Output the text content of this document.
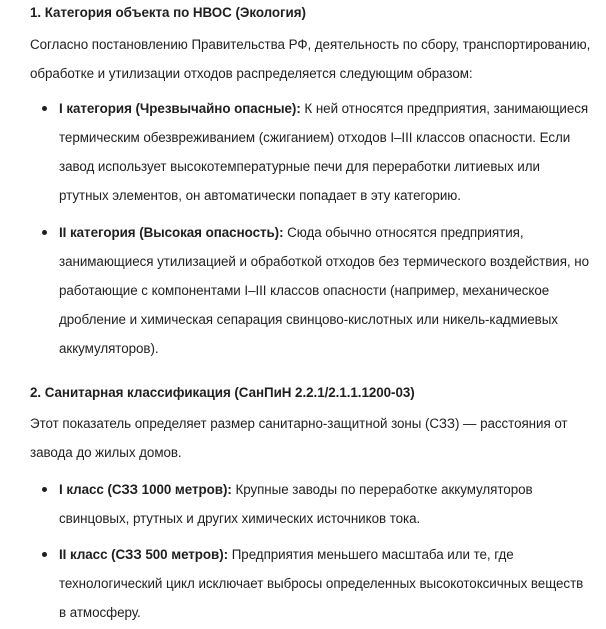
1. Категория объекта по НВОС (Экология)

Согласно постановлению Правительства РФ, деятельность по сбору, транспортированию, обработке и утилизации отходов распределяется следующим образом:

I категория (Чрезвычайно опасные): К ней относятся предприятия, занимающиеся термическим обезвреживанием (сжиганием) отходов I–III классов опасности. Если завод использует высокотемпературные печи для переработки литиевых или ртутных элементов, он автоматически попадает в эту категорию.
II категория (Высокая опасность): Сюда обычно относятся предприятия, занимающиеся утилизацией и обработкой отходов без термического воздействия, но работающие с компонентами I–III классов опасности (например, механическое дробление и химическая сепарация свинцово-кислотных или никель-кадмиевых аккумуляторов).

2. Санитарная классификация (СанПиН 2.2.1/2.1.1.1200-03)

Этот показатель определяет размер санитарно-защитной зоны (СЗЗ) — расстояния от завода до жилых домов.

I класс (СЗЗ 1000 метров): Крупные заводы по переработке аккумуляторов свинцовых, ртутных и других химических источников тока.
II класс (СЗЗ 500 метров): Предприятия меньшего масштаба или те, где технологический цикл исключает выбросы определенных высокотоксичных веществ в атмосферу.
